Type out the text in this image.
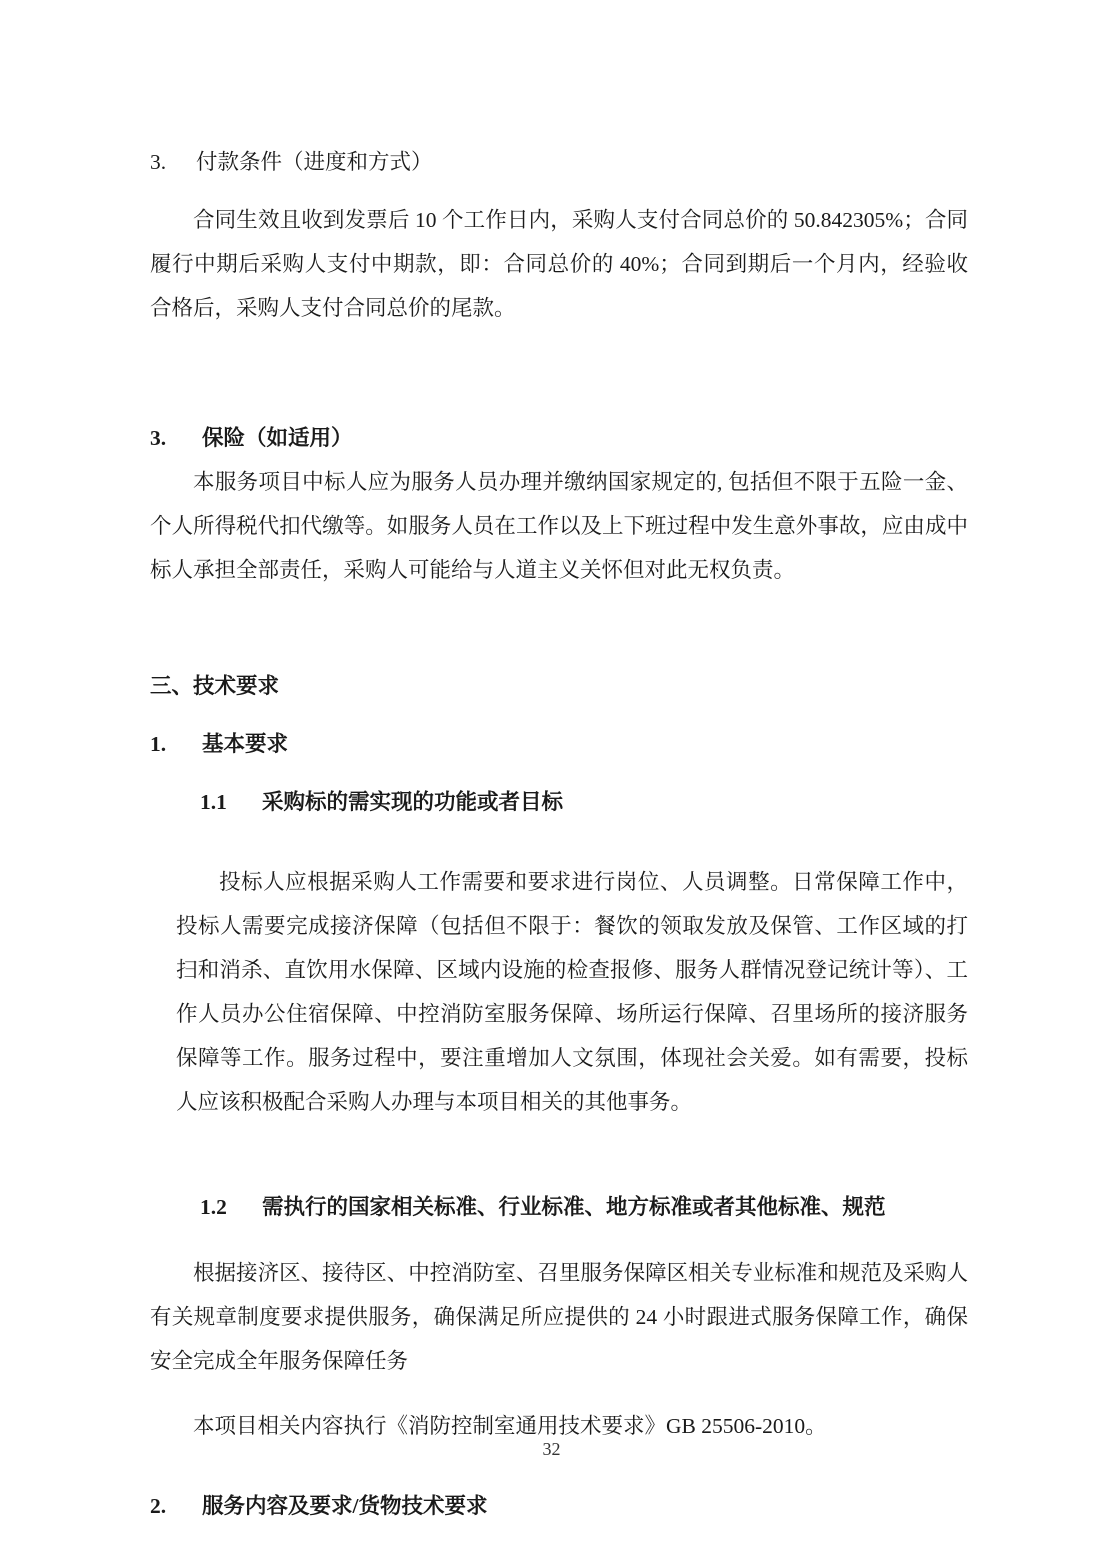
3.	付款条件（进度和方式）

合同生效且收到发票后 10 个工作日内，采购人支付合同总价的 50.842305%；合同履行中期后采购人支付中期款，即：合同总价的 40%；合同到期后一个月内，经验收合格后，采购人支付合同总价的尾款。

3.	保险（如适用）

本服务项目中标人应为服务人员办理并缴纳国家规定的, 包括但不限于五险一金、个人所得税代扣代缴等。如服务人员在工作以及上下班过程中发生意外事故，应由成中标人承担全部责任，采购人可能给与人道主义关怀但对此无权负责。

三、技术要求

1.	基本要求
1.1 采购标的需实现的功能或者目标

投标人应根据采购人工作需要和要求进行岗位、人员调整。日常保障工作中，投标人需要完成接济保障（包括但不限于：餐饮的领取发放及保管、工作区域的打扫和消杀、直饮用水保障、区域内设施的检查报修、服务人群情况登记统计等）、工作人员办公住宿保障、中控消防室服务保障、场所运行保障、召里场所的接济服务保障等工作。服务过程中，要注重增加人文氛围，体现社会关爱。如有需要，投标人应该积极配合采购人办理与本项目相关的其他事务。

1.2 需执行的国家相关标准、行业标准、地方标准或者其他标准、规范

根据接济区、接待区、中控消防室、召里服务保障区相关专业标准和规范及采购人有关规章制度要求提供服务，确保满足所应提供的 24 小时跟进式服务保障工作，确保安全完成全年服务保障任务

本项目相关内容执行《消防控制室通用技术要求》GB 25506-2010。

2.	服务内容及要求/货物技术要求
32
